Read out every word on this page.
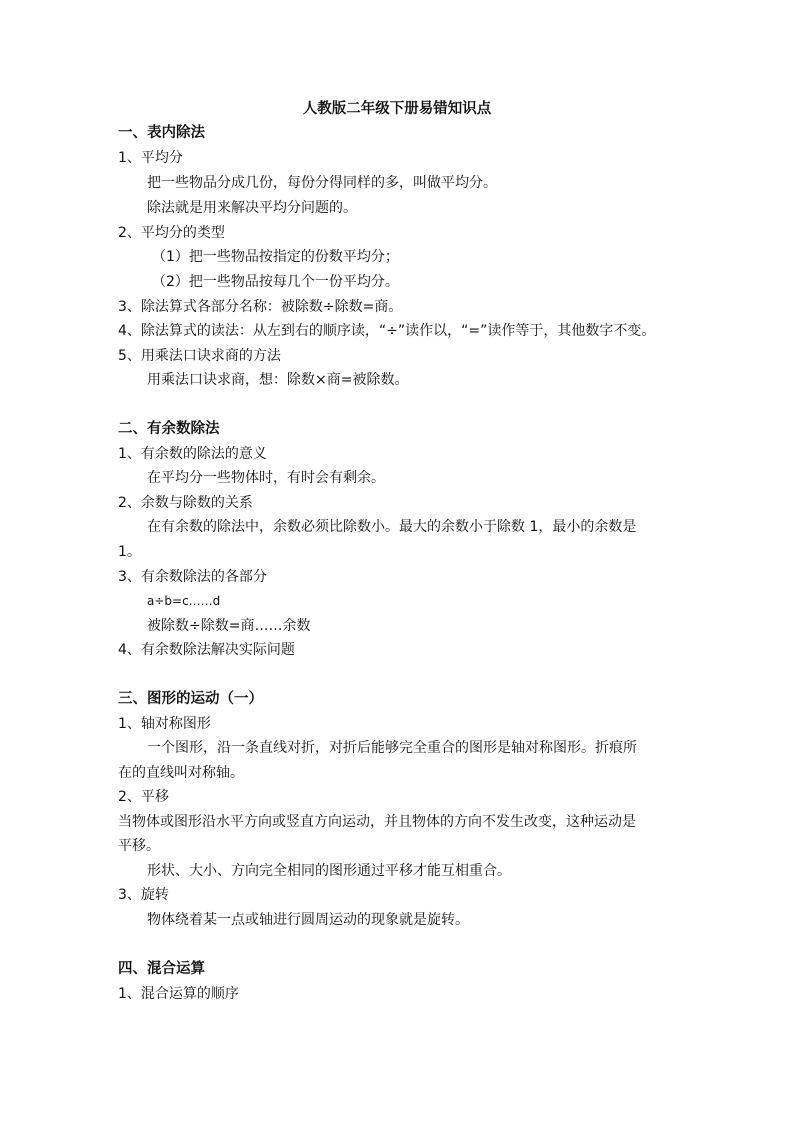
人教版二年级下册易错知识点
一、表内除法
1、平均分
把一些物品分成几份，每份分得同样的多，叫做平均分。
除法就是用来解决平均分问题的。
2、平均分的类型
（1）把一些物品按指定的份数平均分；
（2）把一些物品按每几个一份平均分。
3、除法算式各部分名称：被除数÷除数=商。
4、除法算式的读法：从左到右的顺序读，“÷”读作以，“=”读作等于，其他数字不变。
5、用乘法口诀求商的方法
用乘法口诀求商，想：除数×商=被除数。
二、有余数除法
1、有余数的除法的意义
在平均分一些物体时，有时会有剩余。
2、余数与除数的关系
在有余数的除法中，余数必须比除数小。最大的余数小于除数 1，最小的余数是
1。
3、有余数除法的各部分
a÷b=c……d
被除数÷除数=商……余数
4、有余数除法解决实际问题
三、图形的运动（一）
1、轴对称图形
一个图形，沿一条直线对折，对折后能够完全重合的图形是轴对称图形。折痕所
在的直线叫对称轴。
2、平移
当物体或图形沿水平方向或竖直方向运动，并且物体的方向不发生改变，这种运动是
平移。
形状、大小、方向完全相同的图形通过平移才能互相重合。
3、旋转
物体绕着某一点或轴进行圆周运动的现象就是旋转。
四、混合运算
1、混合运算的顺序
